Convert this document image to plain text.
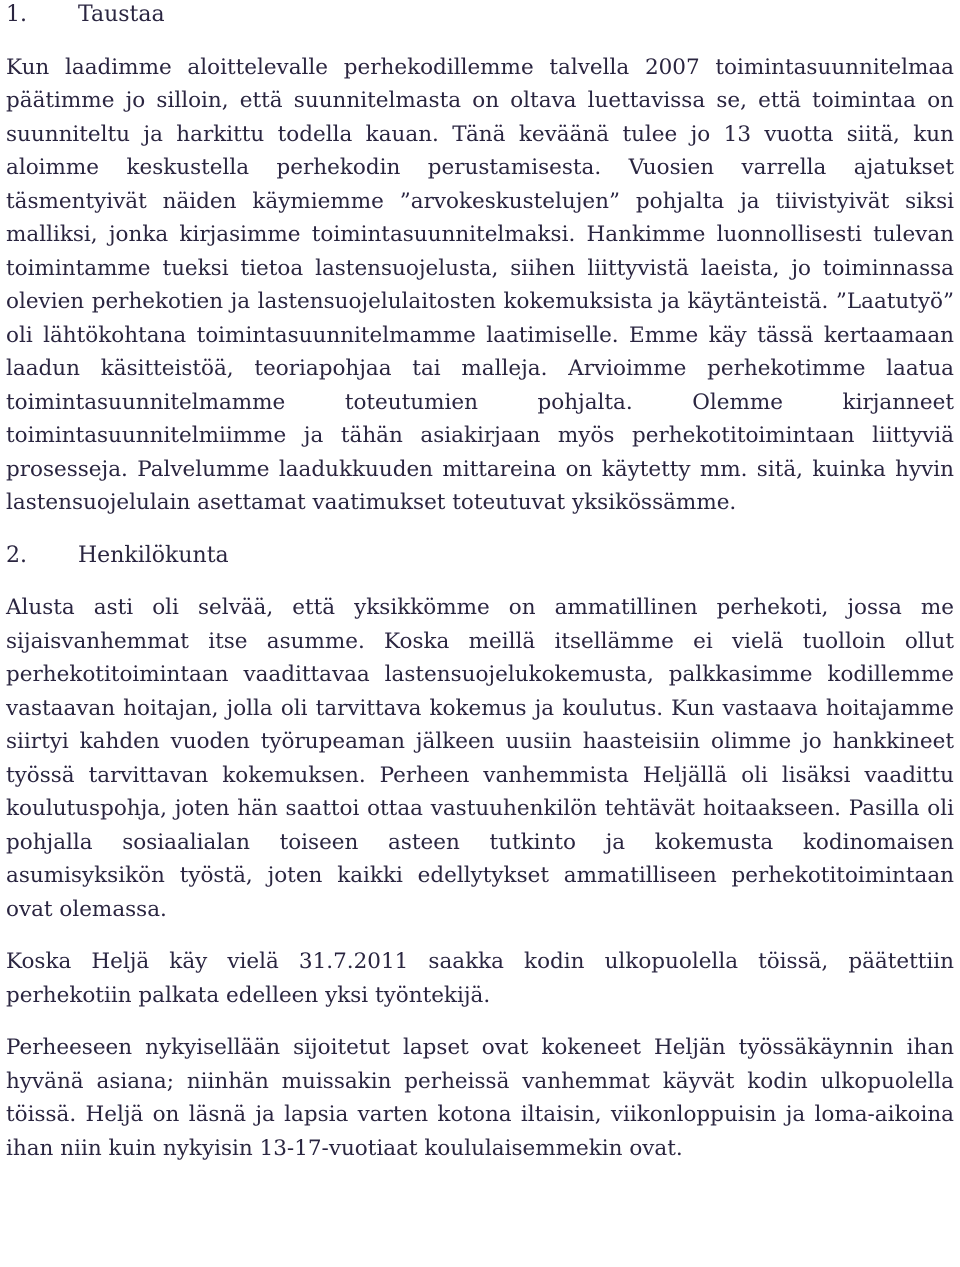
1. Taustaa

Kun laadimme aloittelevalle perhekodillemme talvella 2007 toimintasuunnitelmaa päätimme jo silloin, että suunnitelmasta on oltava luettavissa se, että toimintaa on suunniteltu ja harkittu todella kauan. Tänä keväänä tulee jo 13 vuotta siitä, kun aloimme keskustella perhekodin perustamisesta. Vuosien varrella ajatukset täsmentyivät näiden käymiemme ”arvokeskustelujen” pohjalta ja tiivistyivät siksi malliksi, jonka kirjasimme toimintasuunnitelmaksi. Hankimme luonnollisesti tulevan toimintamme tueksi tietoa lastensuojelusta, siihen liittyvistä laeista, jo toiminnassa olevien perhekotien ja lastensuojelulaitosten kokemuksista ja käytänteistä. ”Laatutyö” oli lähtökohtana toimintasuunnitelmamme laatimiselle. Emme käy tässä kertaamaan laadun käsitteistöä, teoriapohjaa tai malleja. Arvioimme perhekotimme laatua toimintasuunnitelmamme toteutumien pohjalta. Olemme kirjanneet toimintasuunnitelmiimme ja tähän asiakirjaan myös perhekotitoimintaan liittyviä prosesseja. Palvelumme laadukkuuden mittareina on käytetty mm. sitä, kuinka hyvin lastensuojelulain asettamat vaatimukset toteutuvat yksikössämme.

2. Henkilökunta

Alusta asti oli selvää, että yksikkömme on ammatillinen perhekoti, jossa me sijaisvanhemmat itse asumme. Koska meillä itsellämme ei vielä tuolloin ollut perhekotitoimintaan vaadittavaa lastensuojelukokemusta, palkkasimme kodillemme vastaavan hoitajan, jolla oli tarvittava kokemus ja koulutus. Kun vastaava hoitajamme siirtyi kahden vuoden työrupeaman jälkeen uusiin haasteisiin olimme jo hankkineet työssä tarvittavan kokemuksen. Perheen vanhemmista Heljällä oli lisäksi vaadittu koulutuspohja, joten hän saattoi ottaa vastuuhenkilön tehtävät hoitaakseen. Pasilla oli pohjalla sosiaalialan toiseen asteen tutkinto ja kokemusta kodinomaisen asumisyksikön työstä, joten kaikki edellytykset ammatilliseen perhekotitoimintaan ovat olemassa.

Koska Heljä käy vielä 31.7.2011 saakka kodin ulkopuolella töissä, päätettiin perhekotiin palkata edelleen yksi työntekijä.

Perheeseen nykyisellään sijoitetut lapset ovat kokeneet Heljän työssäkäynnin ihan hyvänä asiana; niinhän muissakin perheissä vanhemmat käyvät kodin ulkopuolella töissä. Heljä on läsnä ja lapsia varten kotona iltaisin, viikonloppuisin ja loma-aikoina ihan niin kuin nykyisin 13-17-vuotiaat koululaisemmekin ovat.
